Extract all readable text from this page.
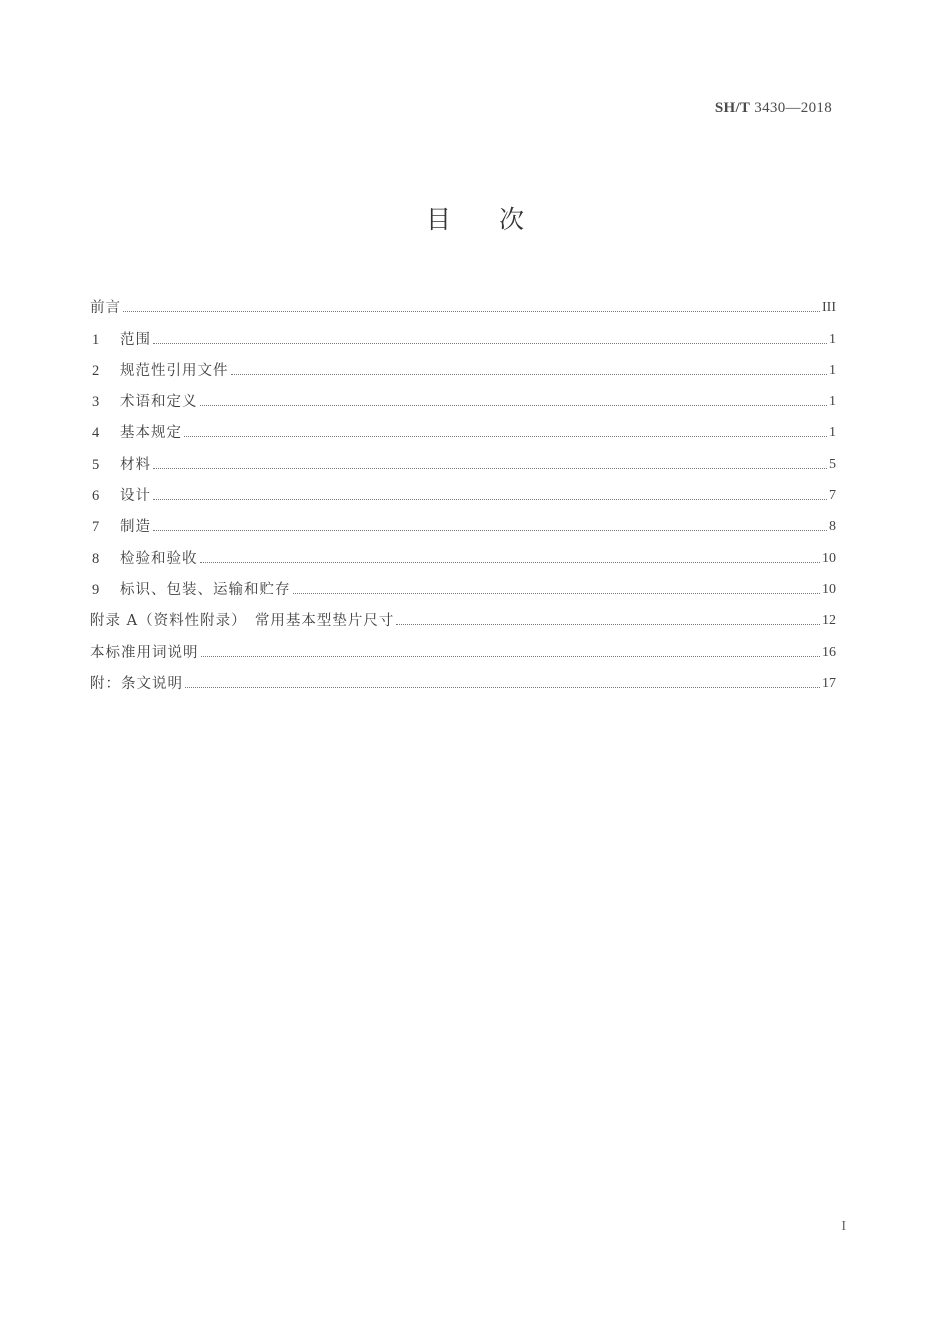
SH/T 3430—2018
目 次
前言	III
1	范围	1
2	规范性引用文件	1
3	术语和定义	1
4	基本规定	1
5	材料	5
6	设计	7
7	制造	8
8	检验和验收	10
9	标识、包装、运输和贮存	10
附录 A（资料性附录）　常用基本型垫片尺寸	12
本标准用词说明	16
附：条文说明	17
I
